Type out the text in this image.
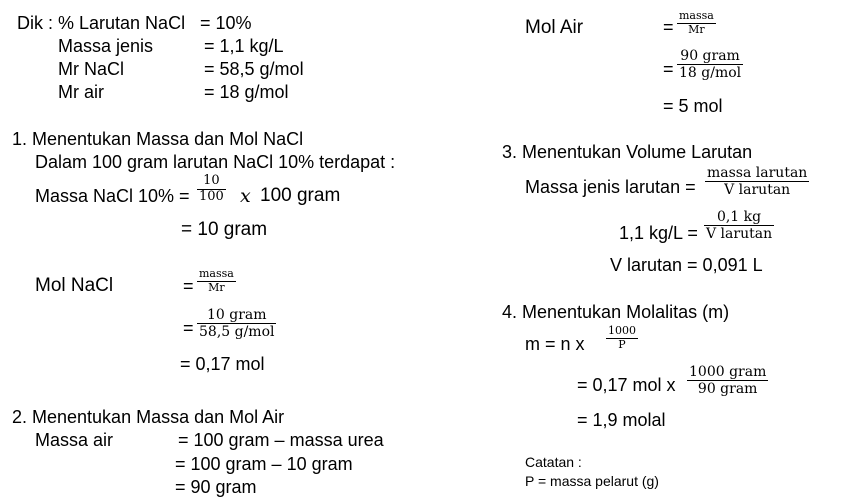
Dik : % Larutan NaCl = 10%
Massa jenis	= 1,1 kg/L
Mr NaCl	= 58,5 g/mol
Mr air	= 18 g/mol
1. Menentukan Massa dan Mol NaCl
Dalam 100 gram larutan NaCl 10% terdapat :
Massa NaCl 10% =
10
100 x 100 gram
= 10 gram
Mol NaCl	=
massa
Mr
=
10 gram
58,5 g/mol
= 0,17 mol
2. Menentukan Massa dan Mol Air
Massa air	= 100 gram – massa urea
= 100 gram – 10 gram
= 90 gram
Mol Air	=
massa
Mr
=
90 gram
18 g/mol
= 5 mol
3. Menentukan Volume Larutan
Massa jenis larutan =
massa larutan
V larutan
1,1 kg/L =
0,1 kg
V larutan
V larutan = 0,091 L
4. Menentukan Molalitas (m)
m = n x
1000
P
= 0,17 mol x
1000 gram
90 gram
= 1,9 molal
Catatan :
P = massa pelarut (g)
